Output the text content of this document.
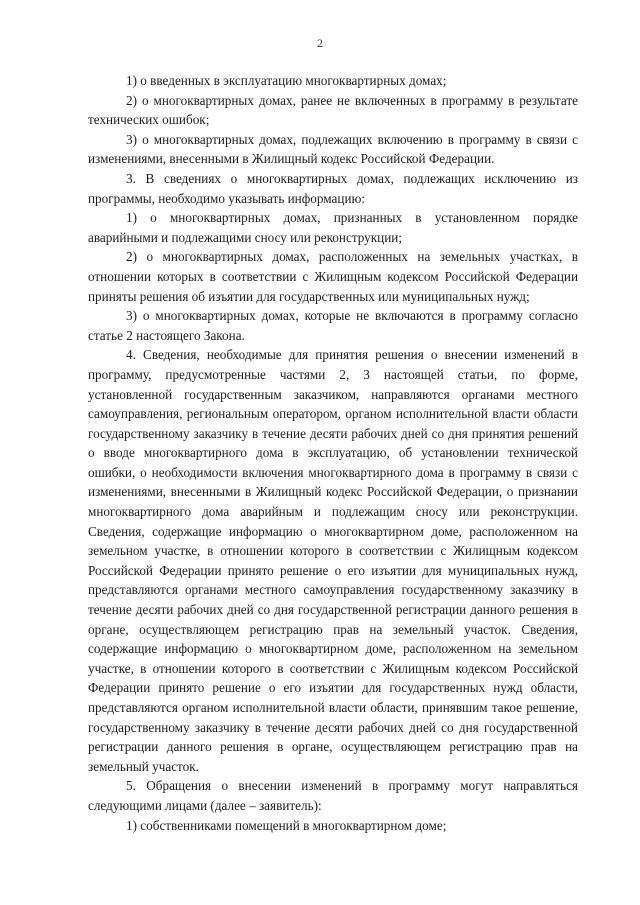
2

1) о введенных в эксплуатацию многоквартирных домах;

2) о многоквартирных домах, ранее не включенных в программу в результате технических ошибок;

3) о многоквартирных домах, подлежащих включению в программу в связи с изменениями, внесенными в Жилищный кодекс Российской Федерации.

3. В сведениях о многоквартирных домах, подлежащих исключению из программы, необходимо указывать информацию:

1) о многоквартирных домах, признанных в установленном порядке аварийными и подлежащими сносу или реконструкции;

2) о многоквартирных домах, расположенных на земельных участках, в отношении которых в соответствии с Жилищным кодексом Российской Федерации приняты решения об изъятии для государственных или муниципальных нужд;

3) о многоквартирных домах, которые не включаются в программу согласно статье 2 настоящего Закона.

4. Сведения, необходимые для принятия решения о внесении изменений в программу, предусмотренные частями 2, 3 настоящей статьи, по форме, установленной государственным заказчиком, направляются органами местного самоуправления, региональным оператором, органом исполнительной власти области государственному заказчику в течение десяти рабочих дней со дня принятия решений о вводе многоквартирного дома в эксплуатацию, об установлении технической ошибки, о необходимости включения многоквартирного дома в программу в связи с изменениями, внесенными в Жилищный кодекс Российской Федерации, о признании многоквартирного дома аварийным и подлежащим сносу или реконструкции. Сведения, содержащие информацию о многоквартирном доме, расположенном на земельном участке, в отношении которого в соответствии с Жилищным кодексом Российской Федерации принято решение о его изъятии для муниципальных нужд, представляются органами местного самоуправления государственному заказчику в течение десяти рабочих дней со дня государственной регистрации данного решения в органе, осуществляющем регистрацию прав на земельный участок. Сведения, содержащие информацию о многоквартирном доме, расположенном на земельном участке, в отношении которого в соответствии с Жилищным кодексом Российской Федерации принято решение о его изъятии для государственных нужд области, представляются органом исполнительной власти области, принявшим такое решение, государственному заказчику в течение десяти рабочих дней со дня государственной регистрации данного решения в органе, осуществляющем регистрацию прав на земельный участок.

5. Обращения о внесении изменений в программу могут направляться следующими лицами (далее – заявитель):

1) собственниками помещений в многоквартирном доме;
